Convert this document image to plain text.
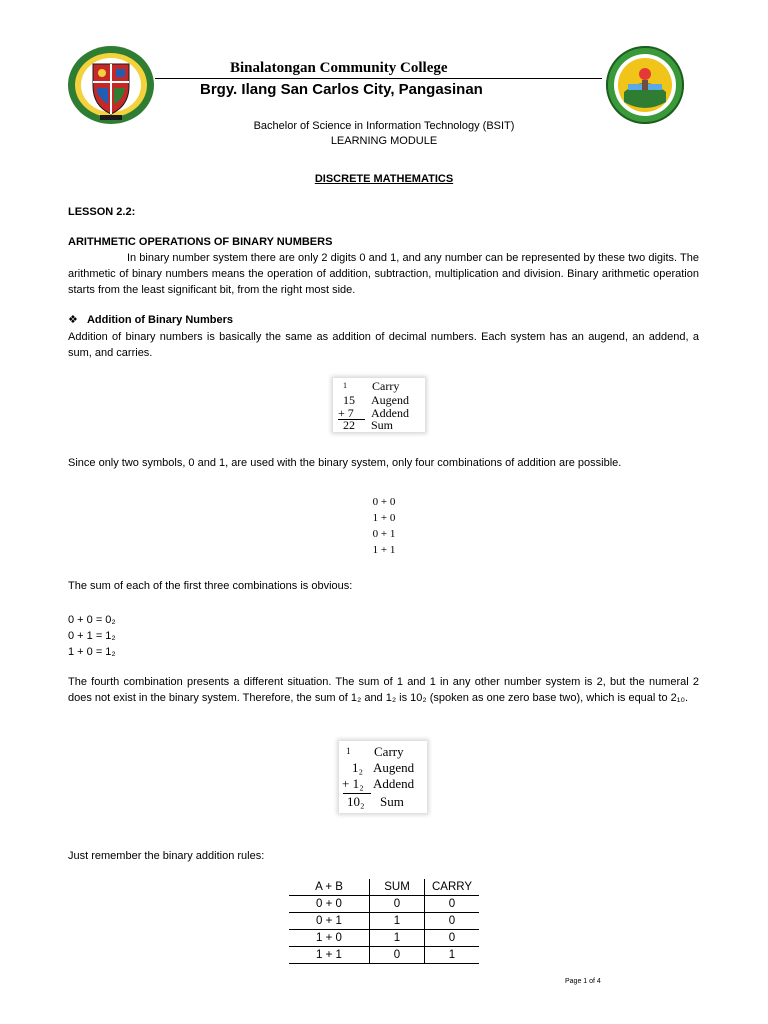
Binalatongan Community College
Brgy. Ilang San Carlos City, Pangasinan
Bachelor of Science in Information Technology (BSIT)
LEARNING MODULE
DISCRETE MATHEMATICS
LESSON 2.2:
ARITHMETIC OPERATIONS OF BINARY NUMBERS
In binary number system there are only 2 digits 0 and 1, and any number can be represented by these two digits. The arithmetic of binary numbers means the operation of addition, subtraction, multiplication and division. Binary arithmetic operation starts from the least significant bit, from the right most side.
❖ Addition of Binary Numbers
Addition of binary numbers is basically the same as addition of decimal numbers. Each system has an augend, an addend, a sum, and carries.
1 Carry
15 Augend
+ 7 Addend
22 Sum
Since only two symbols, 0 and 1, are used with the binary system, only four combinations of addition are possible.
0 + 0
1 + 0
0 + 1
1 + 1
The sum of each of the first three combinations is obvious:
0 + 0 = 0₂
0 + 1 = 1₂
1 + 0 = 1₂
The fourth combination presents a different situation. The sum of 1 and 1 in any other number system is 2, but the numeral 2 does not exist in the binary system. Therefore, the sum of 1₂ and 1₂ is 10₂ (spoken as one zero base two), which is equal to 2₁₀.
1 Carry
1₂ Augend
+ 1₂ Addend
10₂ Sum
Just remember the binary addition rules:
A + B	SUM	CARRY
0 + 0	0	0
0 + 1	1	0
1 + 0	1	0
1 + 1	0	1
Page 1 of 4
